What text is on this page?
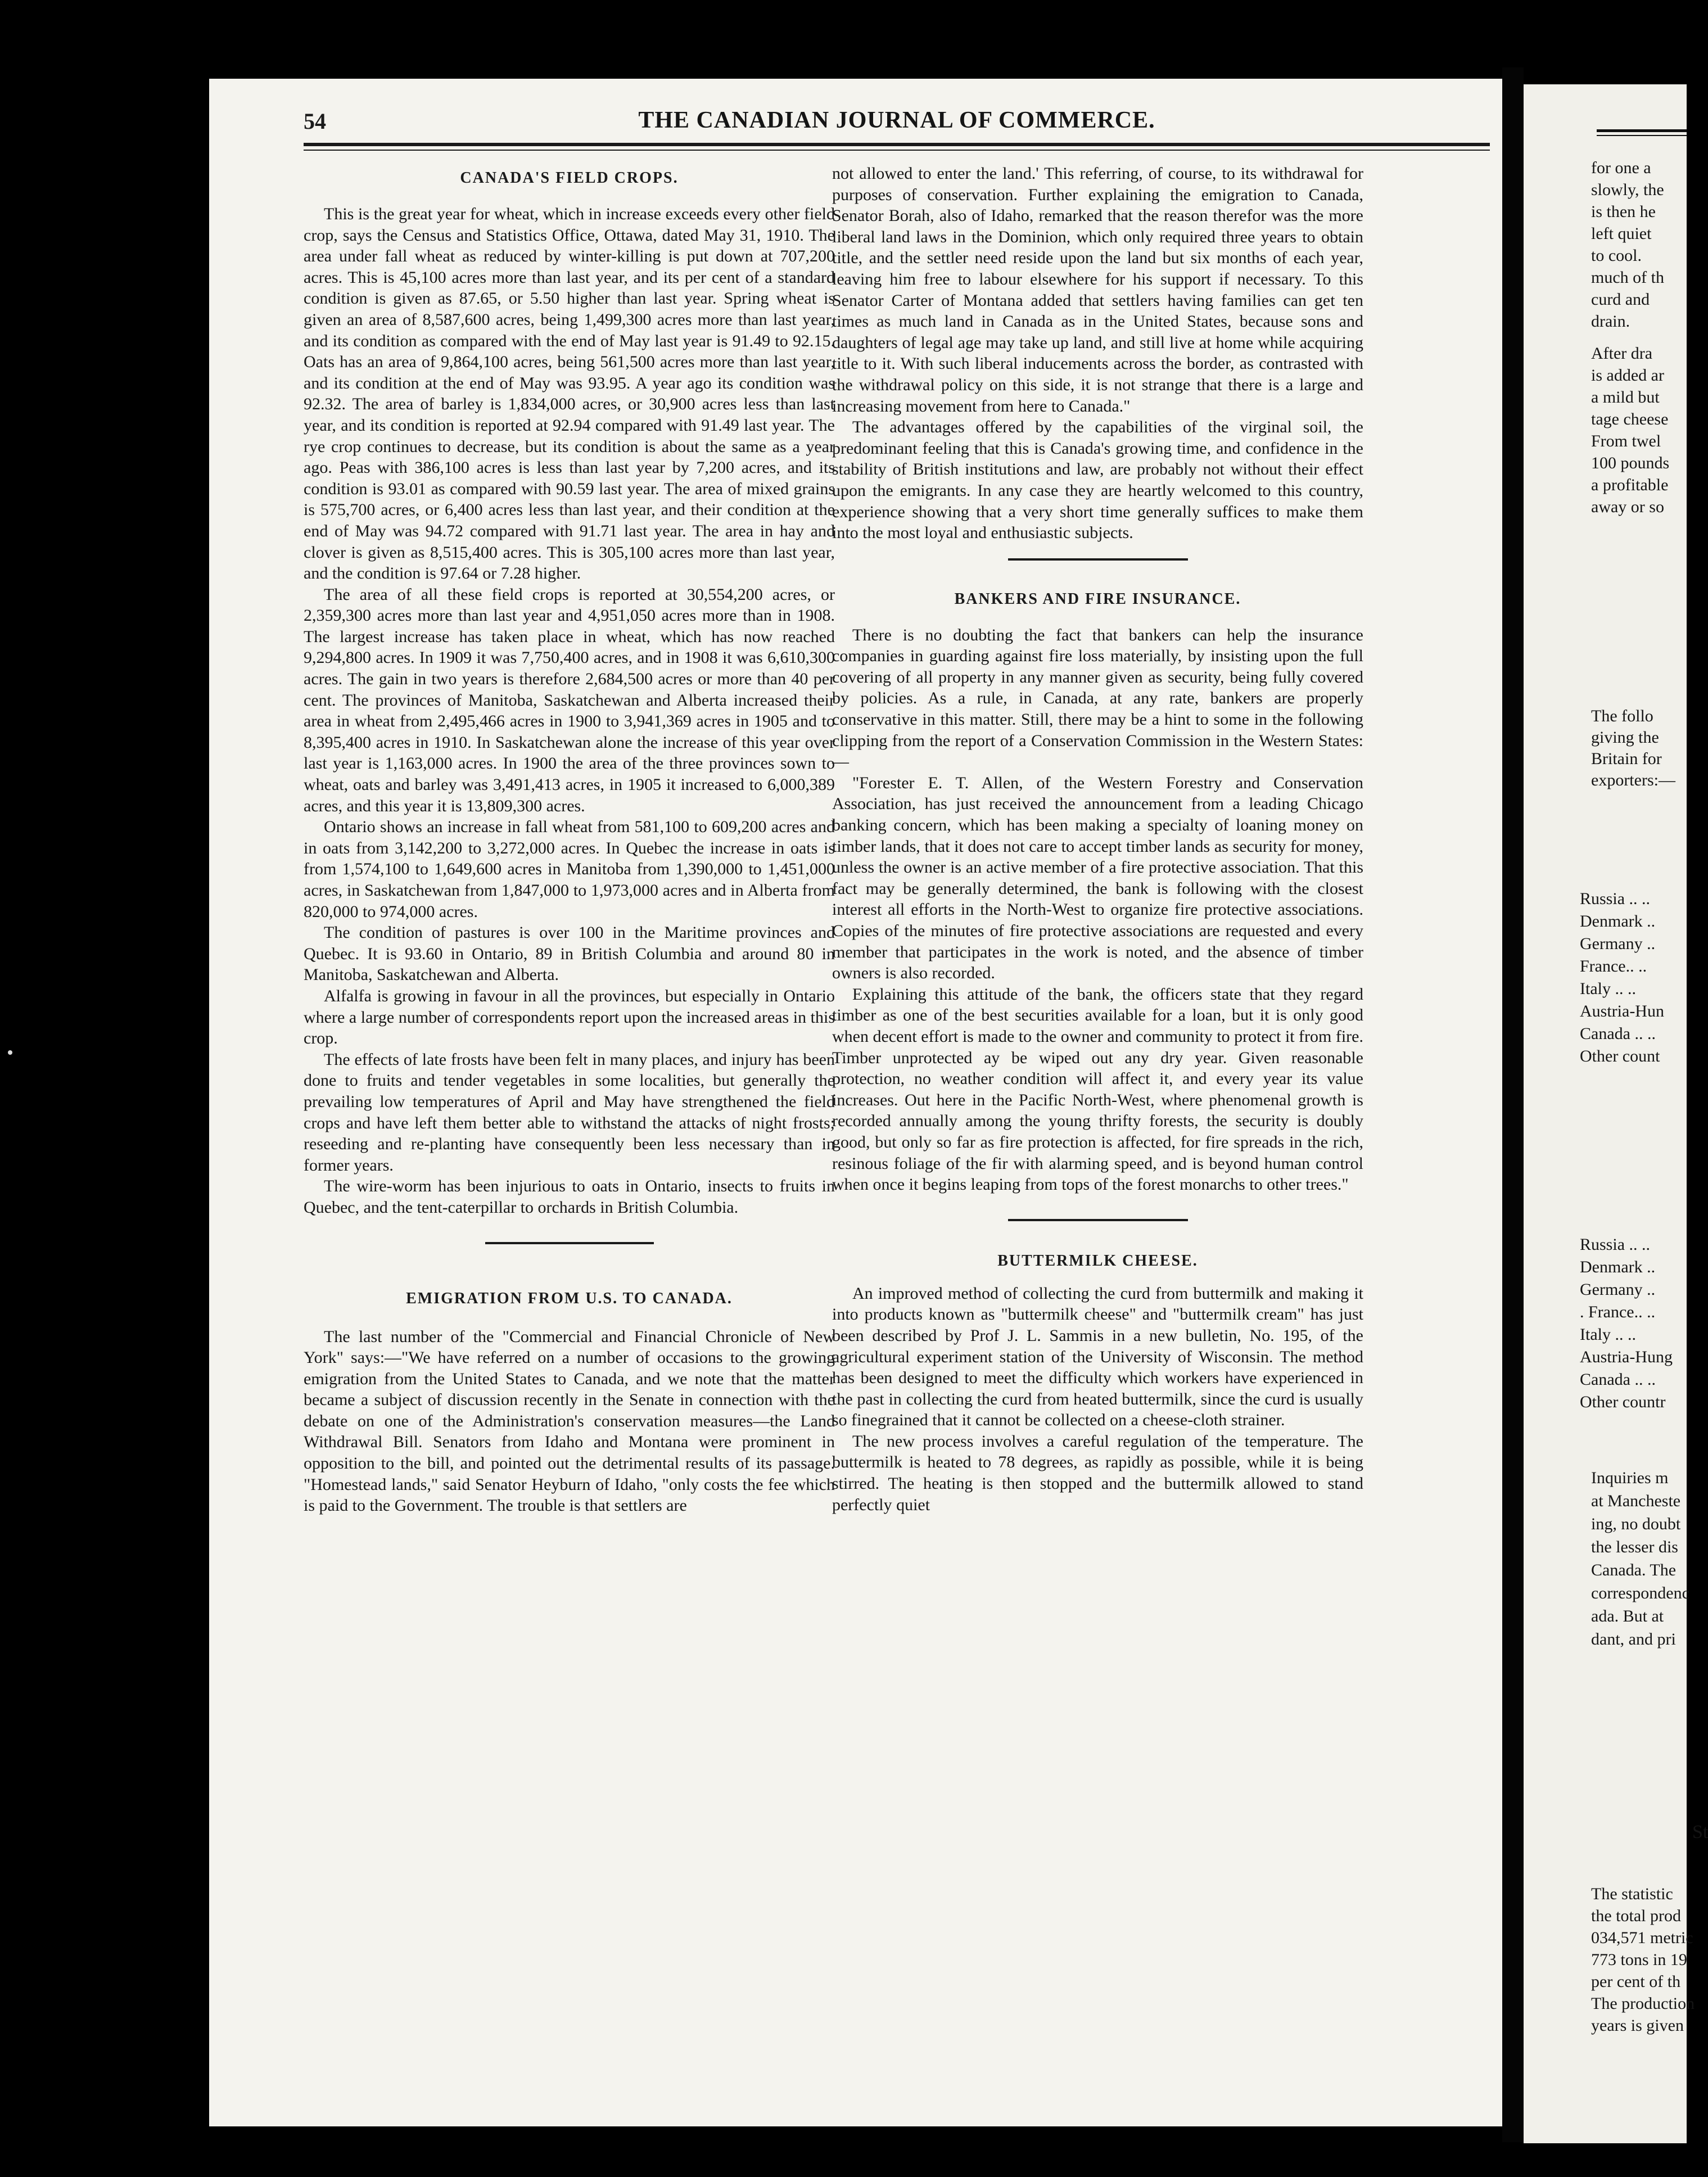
54	THE CANADIAN JOURNAL OF COMMERCE.
CANADA'S FIELD CROPS.

This is the great year for wheat, which in increase exceeds every other field crop, says the Census and Statistics Office, Ottawa, dated May 31, 1910. The area under fall wheat as reduced by winter-killing is put down at 707,200 acres. This is 45,100 acres more than last year, and its per cent of a standard condition is given as 87.65, or 5.50 higher than last year. Spring wheat is given an area of 8,587,600 acres, being 1,499,300 acres more than last year, and its condition as compared with the end of May last year is 91.49 to 92.15. Oats has an area of 9,864,100 acres, being 561,500 acres more than last year, and its condition at the end of May was 93.95. A year ago its condition was 92.32. The area of barley is 1,834,000 acres, or 30,900 acres less than last year, and its condition is reported at 92.94 compared with 91.49 last year. The rye crop continues to decrease, but its condition is about the same as a year ago. Peas with 386,100 acres is less than last year by 7,200 acres, and its condition is 93.01 as compared with 90.59 last year. The area of mixed grains is 575,700 acres, or 6,400 acres less than last year, and their condition at the end of May was 94.72 compared with 91.71 last year. The area in hay and clover is given as 8,515,400 acres. This is 305,100 acres more than last year, and the condition is 97.64 or 7.28 higher.

The area of all these field crops is reported at 30,554,200 acres, or 2,359,300 acres more than last year and 4,951,050 acres more than in 1908. The largest increase has taken place in wheat, which has now reached 9,294,800 acres. In 1909 it was 7,750,400 acres, and in 1908 it was 6,610,300 acres. The gain in two years is therefore 2,684,500 acres or more than 40 per cent. The provinces of Manitoba, Saskatchewan and Alberta increased their area in wheat from 2,495,466 acres in 1900 to 3,941,369 acres in 1905 and to 8,395,400 acres in 1910. In Saskatchewan alone the increase of this year over last year is 1,163,000 acres. In 1900 the area of the three provinces sown to wheat, oats and barley was 3,491,413 acres, in 1905 it increased to 6,000,389 acres, and this year it is 13,809,300 acres.

Ontario shows an increase in fall wheat from 581,100 to 609,200 acres and in oats from 3,142,200 to 3,272,000 acres. In Quebec the increase in oats is from 1,574,100 to 1,649,600 acres in Manitoba from 1,390,000 to 1,451,000 acres, in Saskatchewan from 1,847,000 to 1,973,000 acres and in Alberta from 820,000 to 974,000 acres.

The condition of pastures is over 100 in the Maritime provinces and Quebec. It is 93.60 in Ontario, 89 in British Columbia and around 80 in Manitoba, Saskatchewan and Alberta.

Alfalfa is growing in favour in all the provinces, but especially in Ontario where a large number of correspondents report upon the increased areas in this crop.

The effects of late frosts have been felt in many places, and injury has been done to fruits and tender vegetables in some localities, but generally the prevailing low temperatures of April and May have strengthened the field crops and have left them better able to withstand the attacks of night frosts; reseeding and re-planting have consequently been less necessary than in former years.

The wire-worm has been injurious to oats in Ontario, insects to fruits in Quebec, and the tent-caterpillar to orchards in British Columbia.

EMIGRATION FROM U.S. TO CANADA.

The last number of the "Commercial and Financial Chronicle of New York" says:—"We have referred on a number of occasions to the growing emigration from the United States to Canada, and we note that the matter became a subject of discussion recently in the Senate in connection with the debate on one of the Administration's conservation measures—the Land Withdrawal Bill. Senators from Idaho and Montana were prominent in opposition to the bill, and pointed out the detrimental results of its passage. "Homestead lands," said Senator Heyburn of Idaho, "only costs the fee which is paid to the Government. The trouble is that settlers are

not allowed to enter the land.' This referring, of course, to its withdrawal for purposes of conservation. Further explaining the emigration to Canada, Senator Borah, also of Idaho, remarked that the reason therefor was the more liberal land laws in the Dominion, which only required three years to obtain title, and the settler need reside upon the land but six months of each year, leaving him free to labour elsewhere for his support if necessary. To this Senator Carter of Montana added that settlers having families can get ten times as much land in Canada as in the United States, because sons and daughters of legal age may take up land, and still live at home while acquiring title to it. With such liberal inducements across the border, as contrasted with the withdrawal policy on this side, it is not strange that there is a large and increasing movement from here to Canada."

The advantages offered by the capabilities of the virginal soil, the predominant feeling that this is Canada's growing time, and confidence in the stability of British institutions and law, are probably not without their effect upon the emigrants. In any case they are heartly welcomed to this country, experience showing that a very short time generally suffices to make them into the most loyal and enthusiastic subjects.

BANKERS AND FIRE INSURANCE.

There is no doubting the fact that bankers can help the insurance companies in guarding against fire loss materially, by insisting upon the full covering of all property in any manner given as security, being fully covered by policies. As a rule, in Canada, at any rate, bankers are properly conservative in this matter. Still, there may be a hint to some in the following clipping from the report of a Conservation Commission in the Western States:—

"Forester E. T. Allen, of the Western Forestry and Conservation Association, has just received the announcement from a leading Chicago banking concern, which has been making a specialty of loaning money on timber lands, that it does not care to accept timber lands as security for money, unless the owner is an active member of a fire protective association. That this fact may be generally determined, the bank is following with the closest interest all efforts in the North-West to organize fire protective associations. Copies of the minutes of fire protective associations are requested and every member that participates in the work is noted, and the absence of timber owners is also recorded.

Explaining this attitude of the bank, the officers state that they regard timber as one of the best securities available for a loan, but it is only good when decent effort is made to the owner and community to protect it from fire. Timber unprotected ay be wiped out any dry year. Given reasonable protection, no weather condition will affect it, and every year its value increases. Out here in the Pacific North-West, where phenomenal growth is recorded annually among the young thrifty forests, the security is doubly good, but only so far as fire protection is affected, for fire spreads in the rich, resinous foliage of the fir with alarming speed, and is beyond human control when once it begins leaping from tops of the forest monarchs to other trees."

BUTTERMILK CHEESE.

An improved method of collecting the curd from buttermilk and making it into products known as "buttermilk cheese" and "buttermilk cream" has just been described by Prof J. L. Sammis in a new bulletin, No. 195, of the agricultural experiment station of the University of Wisconsin. The method has been designed to meet the difficulty which workers have experienced in the past in collecting the curd from heated buttermilk, since the curd is usually so finegrained that it cannot be collected on a cheese-cloth strainer.

The new process involves a careful regulation of the temperature. The buttermilk is heated to 78 degrees, as rapidly as possible, while it is being stirred. The heating is then stopped and the buttermilk allowed to stand perfectly quiet

for one a
slowly, the
is then he
left quiet
to cool.
much of th
curd and
drain.
After dra
is added ar
a mild but
tage cheese
From twel
100 pounds
a profitable
away or so
The follo
giving the
Britain for
exporters:—
Russia .. ..
Denmark ..
Germany ..
France.. ..
Italy .. ..
Austria-Hun
Canada .. ..
Other count
Russia .. ..
Denmark ..
Germany ..
. France.. ..
Italy .. ..
Austria-Hung
Canada .. ..
Other countr
Inquiries m
at Mancheste
ing, no doubt
the lesser dis
Canada. The
correspondenc
ada. But at
dant, and pri
St
The statistic
the total prod
034,571 metric
773 tons in 19
per cent of th
The production
years is given
